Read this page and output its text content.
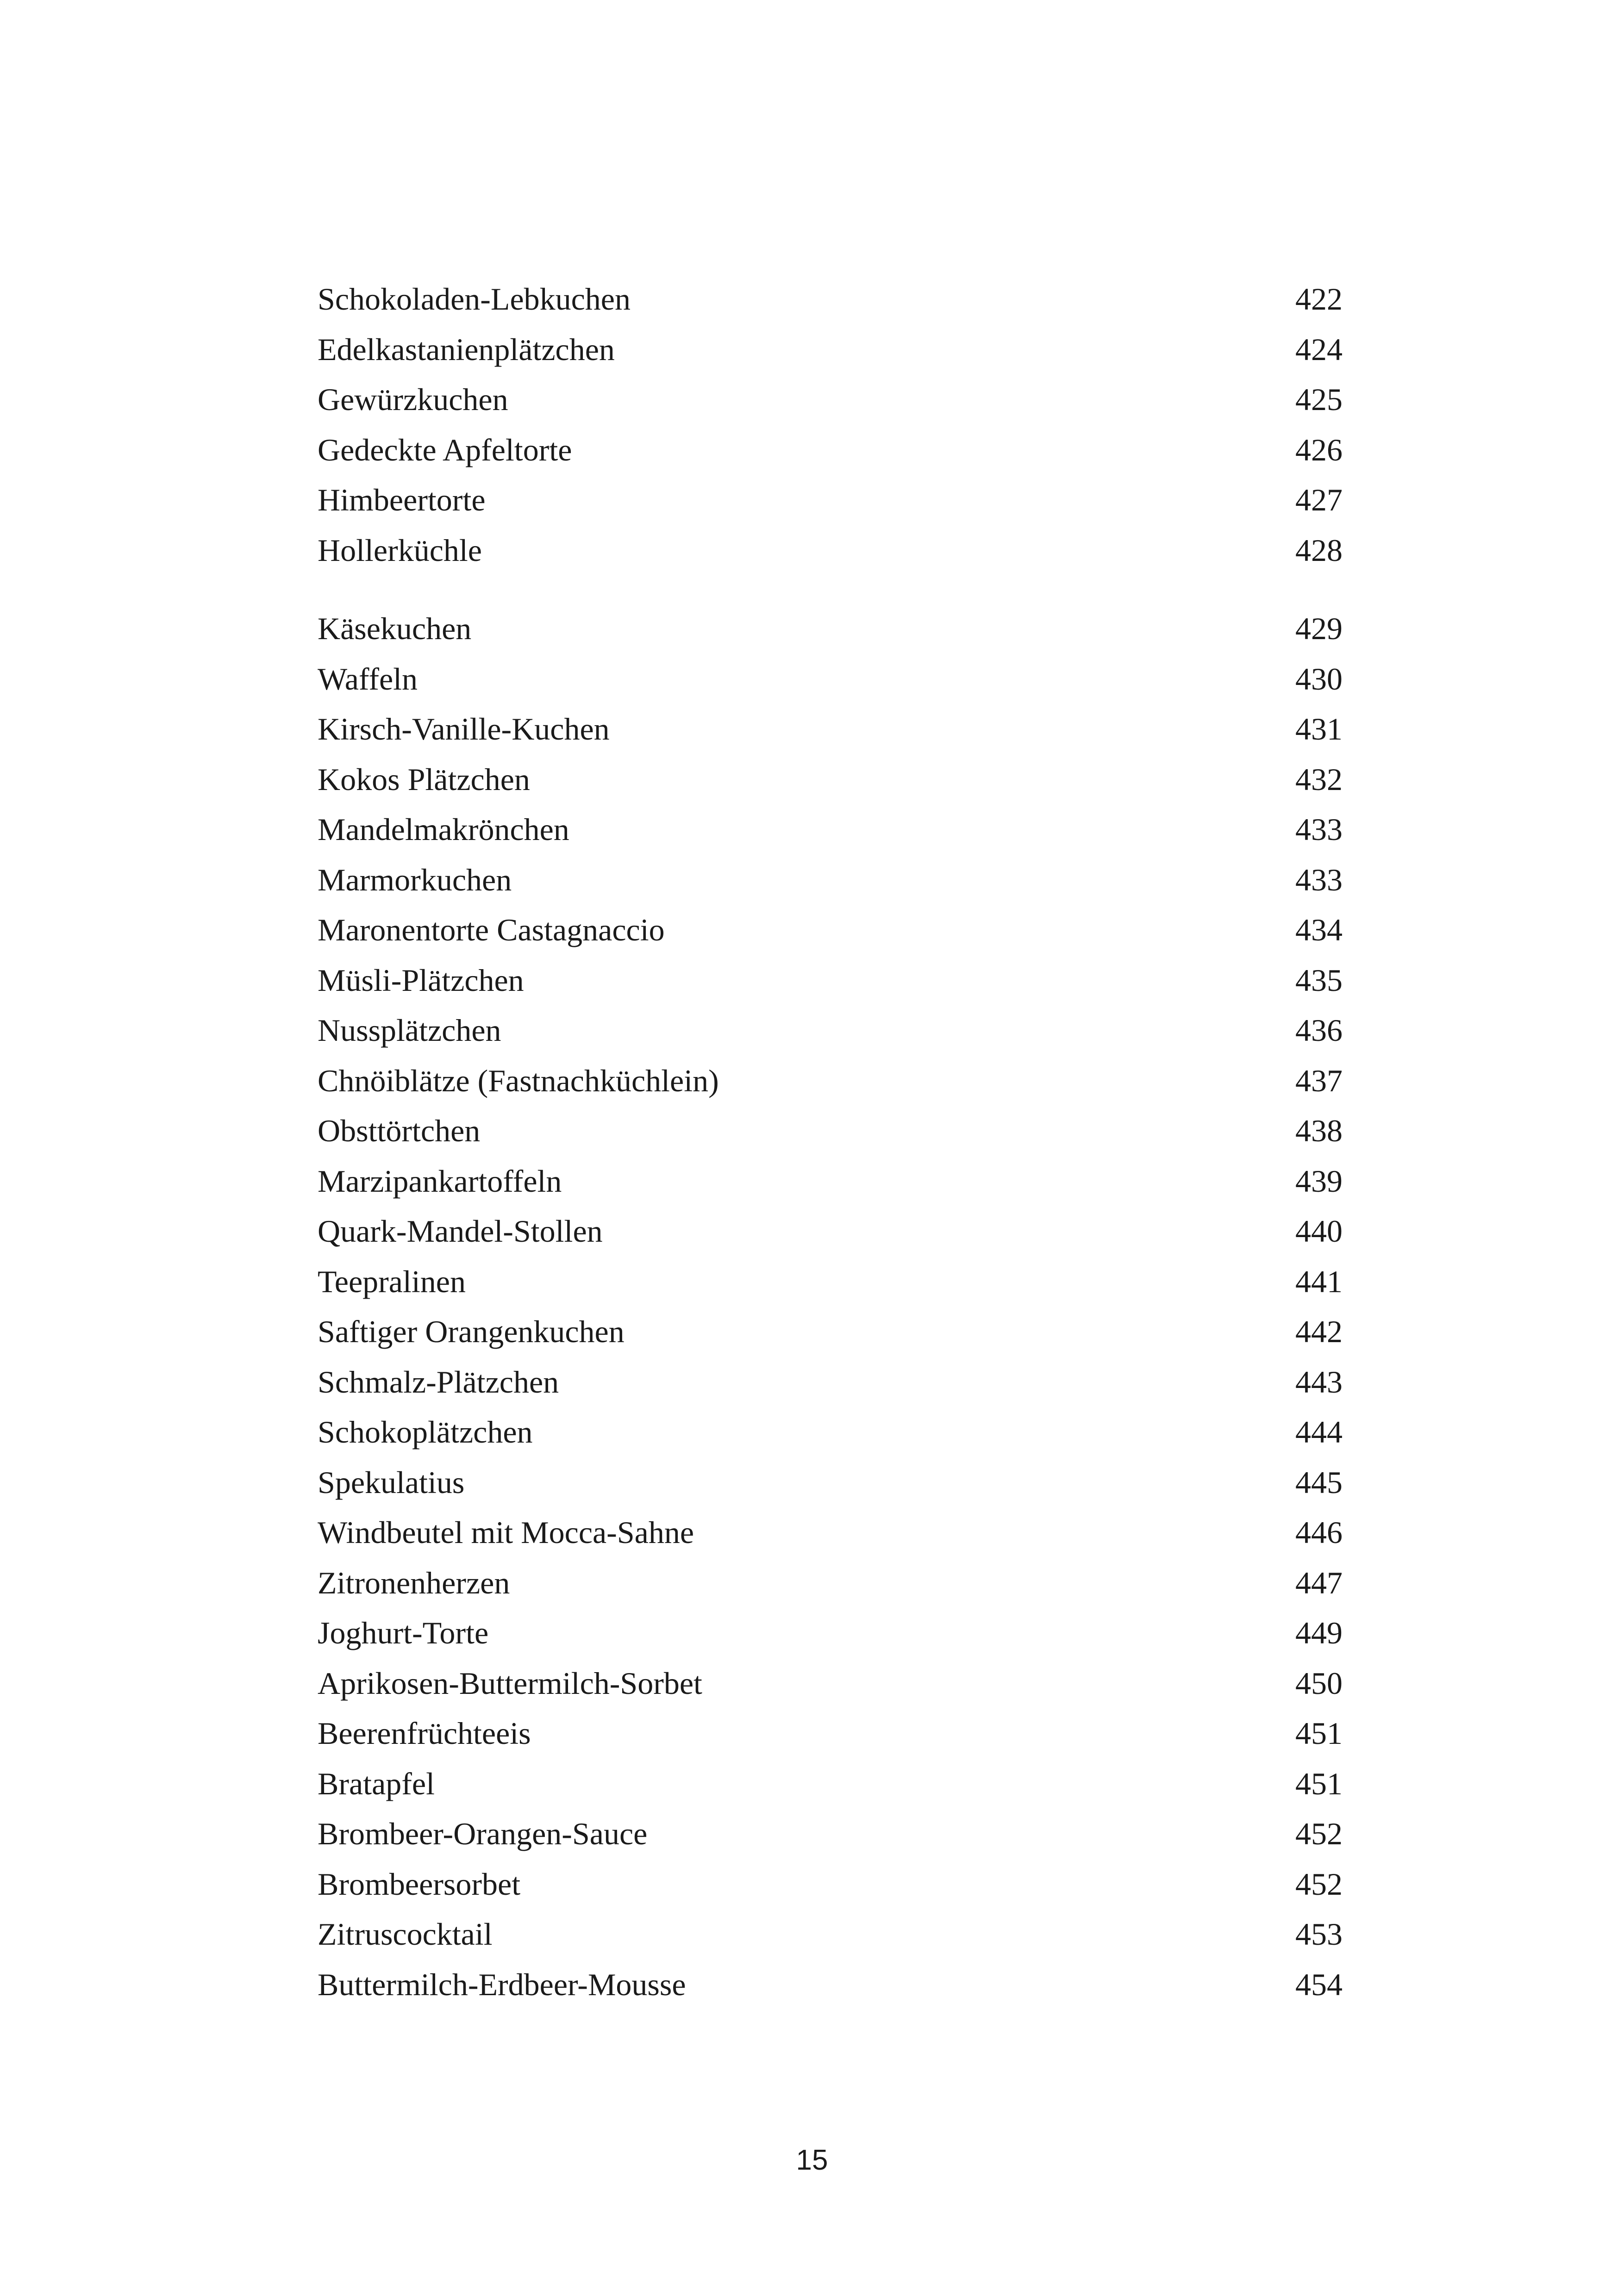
Schokoladen-Lebkuchen	422
Edelkastanienplätzchen	424
Gewürzkuchen	425
Gedeckte Apfeltorte	426
Himbeertorte	427
Hollerküchle	428
Käsekuchen	429
Waffeln	430
Kirsch-Vanille-Kuchen	431
Kokos Plätzchen	432
Mandelmakrönchen	433
Marmorkuchen	433
Maronentorte Castagnaccio	434
Müsli-Plätzchen	435
Nussplätzchen	436
Chnöiblätze (Fastnachküchlein)	437
Obsttörtchen	438
Marzipankartoffeln	439
Quark-Mandel-Stollen	440
Teepralinen	441
Saftiger Orangenkuchen	442
Schmalz-Plätzchen	443
Schokoplätzchen	444
Spekulatius	445
Windbeutel mit Mocca-Sahne	446
Zitronenherzen	447
Joghurt-Torte	449
Aprikosen-Buttermilch-Sorbet	450
Beerenfrüchteeis	451
Bratapfel	451
Brombeer-Orangen-Sauce	452
Brombeersorbet	452
Zitruscocktail	453
Buttermilch-Erdbeer-Mousse	454
15
